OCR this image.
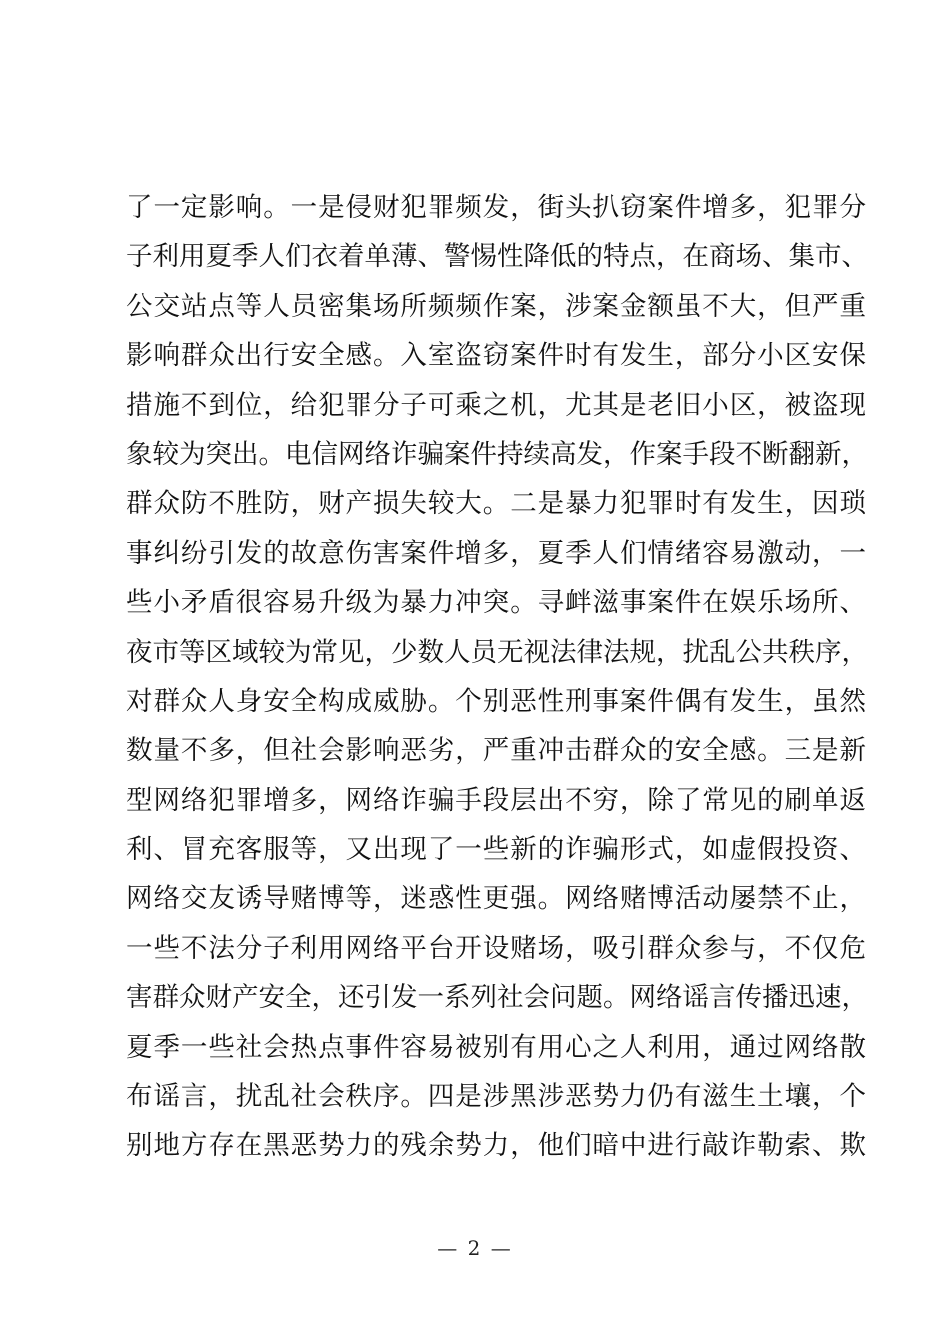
了一定影响。一是侵财犯罪频发，街头扒窃案件增多，犯罪分
子利用夏季人们衣着单薄、警惕性降低的特点，在商场、集市、
公交站点等人员密集场所频频作案，涉案金额虽不大，但严重
影响群众出行安全感。入室盗窃案件时有发生，部分小区安保
措施不到位，给犯罪分子可乘之机，尤其是老旧小区，被盗现
象较为突出。电信网络诈骗案件持续高发，作案手段不断翻新，
群众防不胜防，财产损失较大。二是暴力犯罪时有发生，因琐
事纠纷引发的故意伤害案件增多，夏季人们情绪容易激动，一
些小矛盾很容易升级为暴力冲突。寻衅滋事案件在娱乐场所、
夜市等区域较为常见，少数人员无视法律法规，扰乱公共秩序，
对群众人身安全构成威胁。个别恶性刑事案件偶有发生，虽然
数量不多，但社会影响恶劣，严重冲击群众的安全感。三是新
型网络犯罪增多，网络诈骗手段层出不穷，除了常见的刷单返
利、冒充客服等，又出现了一些新的诈骗形式，如虚假投资、
网络交友诱导赌博等，迷惑性更强。网络赌博活动屡禁不止，
一些不法分子利用网络平台开设赌场，吸引群众参与，不仅危
害群众财产安全，还引发一系列社会问题。网络谣言传播迅速，
夏季一些社会热点事件容易被别有用心之人利用，通过网络散
布谣言，扰乱社会秩序。四是涉黑涉恶势力仍有滋生土壤，个
别地方存在黑恶势力的残余势力，他们暗中进行敲诈勒索、欺
— 2 —
